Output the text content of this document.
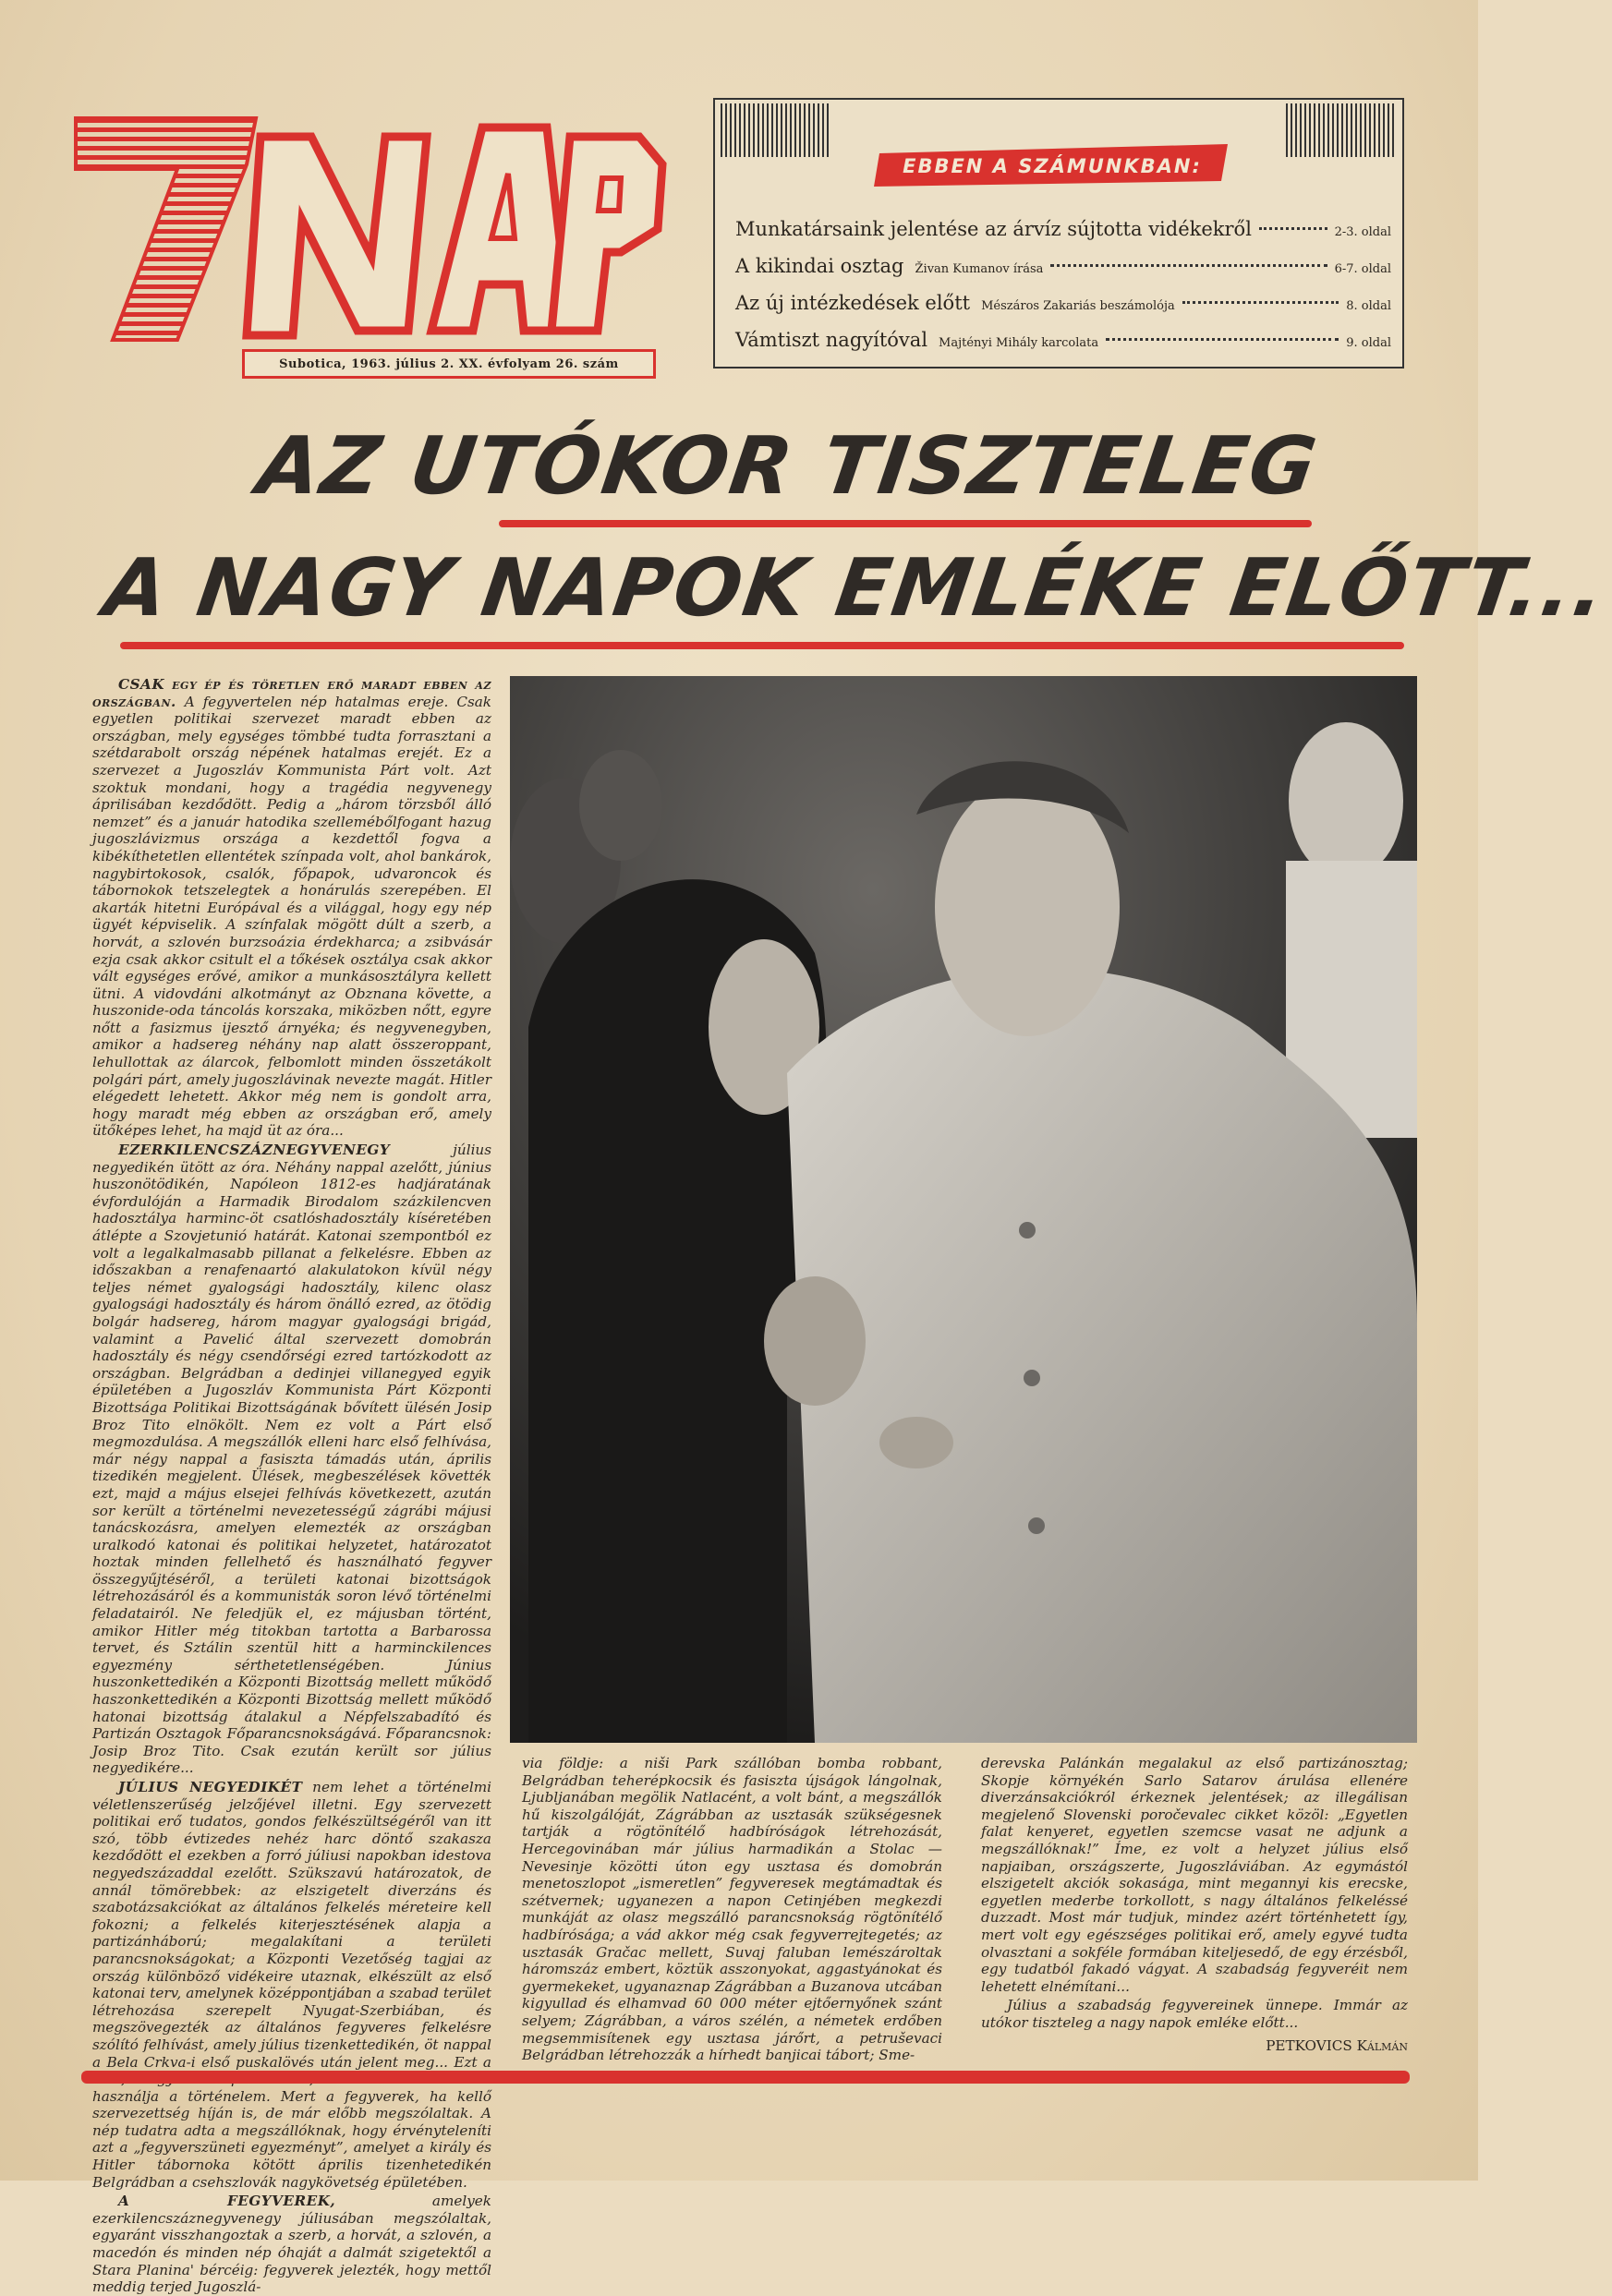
Subotica, 1963. július 2. XX. évfolyam 26. szám
EBBEN A SZÁMUNKBAN:
Munkatársaink jelentése az árvíz sújtotta vidékekről	2-3. oldal
A kikindai osztag Živan Kumanov írása	6-7. oldal
Az új intézkedések előtt Mészáros Zakariás beszámolója	8. oldal
Vámtiszt nagyítóval Majtényi Mihály karcolata	9. oldal
AZ UTÓKOR TISZTELEG
A NAGY NAPOK EMLÉKE ELŐTT...

CSAK egy ép és töretlen erő maradt ebben az országban. A fegyvertelen nép hatalmas ereje. Csak egyetlen politikai szervezet maradt ebben az országban, mely egységes tömbbé tudta forrasztani a szétdarabolt ország népének hatalmas erejét. Ez a szervezet a Jugoszláv Kommunista Párt volt. Azt szoktuk mondani, hogy a tragédia negyvenegy áprilisában kezdődött. Pedig a „három törzsből álló nemzet” és a január hatodika szellemébőlfogant hazug jugoszlávizmus országa a kezdettől fogva a kibékíthetetlen ellentétek színpada volt, ahol bankárok, nagybirtokosok, csalók, főpapok, udvaroncok és tábornokok tetszelegtek a honárulás szerepében. El akarták hitetni Európával és a világgal, hogy egy nép ügyét képviselik. A színfalak mögött dúlt a szerb, a horvát, a szlovén burzsoázia érdekharca; a zsibvásár ezja csak akkor csitult el a tőkések osztálya csak akkor vált egységes erővé, amikor a munkásosztályra kellett ütni. A vidovdáni alkotmányt az Obznana követte, a huszonide-oda táncolás korszaka, miközben nőtt, egyre nőtt a fasizmus ijesztő árnyéka; és negyvenegyben, amikor a hadsereg néhány nap alatt összeroppant, lehullottak az álarcok, felbomlott minden összetákolt polgári párt, amely jugoszlávinak nevezte magát. Hitler elégedett lehetett. Akkor még nem is gondolt arra, hogy maradt még ebben az országban erő, amely ütőképes lehet, ha majd üt az óra...

EZERKILENCSZÁZNEGYVENEGY július negyedikén ütött az óra. Néhány nappal azelőtt, június huszonötödikén, Napóleon 1812-es hadjáratának évfordulóján a Harmadik Birodalom százkilencven hadosztálya harminc-öt csatlóshadosztály kíséretében átlépte a Szovjetunió határát. Katonai szempontból ez volt a legalkalmasabb pillanat a felkelésre. Ebben az időszakban a renafenaartó alakulatokon kívül négy teljes német gyalogsági hadosztály, kilenc olasz gyalogsági hadosztály és három önálló ezred, az ötödig bolgár hadsereg, három magyar gyalogsági brigád, valamint a Pavelić által szervezett domobrán hadosztály és négy csendőrségi ezred tartózkodott az országban. Belgrádban a dedinjei villanegyed egyik épületében a Jugoszláv Kommunista Párt Központi Bizottsága Politikai Bizottságának bővített ülésén Josip Broz Tito elnökölt. Nem ez volt a Párt első megmozdulása. A megszállók elleni harc első felhívása, már négy nappal a fasiszta támadás után, április tizedikén megjelent. Ülések, megbeszélések követték ezt, majd a május elsejei felhívás következett, azután sor került a történelmi nevezetességű zágrábi májusi tanácskozásra, amelyen elemezték az országban uralkodó katonai és politikai helyzetet, határozatot hoztak minden fellelhető és használható fegyver összegyűjtéséről, a területi katonai bizottságok létrehozásáról és a kommunisták soron lévő történelmi feladatairól. Ne feledjük el, ez májusban történt, amikor Hitler még titokban tartotta a Barbarossa tervet, és Sztálin szentül hitt a harminckilences egyezmény sérthetetlenségében. Június huszonkettedikén a Központi Bizottság mellett működő haszonkettedikén a Központi Bizottság mellett működő hatonai bizottság átalakul a Népfelszabadító és Partizán Osztagok Főparancsnokságává. Főparancsnok: Josip Broz Tito. Csak ezután került sor július negyedikére...

JÚLIUS NEGYEDIKÉT nem lehet a történelmi véletlenszerűség jelzőjével illetni. Egy szervezett politikai erő tudatos, gondos felkészültségéről van itt szó, több évtizedes nehéz harc döntő szakasza kezdődött el ezekben a forró júliusi napokban idestova negyedszázaddal ezelőtt. Szükszavú határozatok, de annál tömörebbek: az elszigetelt diverzáns és szabotázsakciókat az általános felkelés méreteire kell fokozni; a felkelés kiterjesztésének alapja a partizánháború; megalakítani a területi parancsnokságokat; a Központi Vezetőség tagjai az ország különböző vidékeire utaznak, elkészült az első katonai terv, amelynek középpontjában a szabad terület létrehozása szerepelt Nyugat-Szerbiában, és megszövegezték az általános fegyveres felkelésre szólító felhívást, amely július tizenkettedikén, öt nappal a Bela Crkva-i első puskalövés után jelent meg... Ezt a használja a történelem. Mert a fegyverek, ha kellő szervezettség híján is, de már előbb megszólaltak. A nép tudatra adta a megszállóknak, hogy érvényteleníti azt a „fegyverszüneti egyezményt”, amelyet a király és Hitler tábornoka kötött április tizenhetedikén Belgrádban a csehszlovák nagykövetség épületében.

A FEGYVEREK, amelyek ezerkilencszáznegyvenegy júliusában megszólaltak, egyaránt visszhangoztak a szerb, a horvát, a szlovén, a macedón és minden nép óhaját a dalmát szigetektől a Stara Planina' bércéig: fegyverek jelezték, hogy mettől meddig terjed Jugoszlá-

via földje: a niši Park szállóban bomba robbant, Belgrádban teherépkocsik és fasiszta újságok lángolnak, Ljubljanában megölik Natlacént, a volt bánt, a megszállók hű kiszolgálóját, Zágrábban az usztasák szükségesnek tartják a rögtönítélő hadbíróságok létrehozását, Hercegovinában már július harmadikán a Stolac — Nevesinje közötti úton egy usztasa és domobrán menetoszlopot „ismeretlen” fegyveresek megtámadtak és szétvernek; ugyanezen a napon Cetinjében megkezdi munkáját az olasz megszálló parancsnokság rögtönítélő hadbírósága; a vád akkor még csak fegyverrejtegetés; az usztasák Gračac mellett, Suvaj faluban lemészároltak háromszáz embert, köztük asszonyokat, aggastyánokat és gyermekeket, ugyanaznap Zágrábban a Buzanova utcában kigyullad és elhamvad 60 000 méter ejtőernyőnek szánt selyem; Zágrábban, a város szélén, a németek erdőben megsemmisítenek egy usztasa járőrt, a petruševaci Belgrádban létrehozzák a hírhedt banjicai tábort; Sme-

derevska Palánkán megalakul az első partizánosztag; Skopje környékén Sarlo Satarov árulása ellenére diverzánsakciókról érkeznek jelentések; az illegálisan megjelenő Slovenski poročevalec cikket közöl: „Egyetlen falat kenyeret, egyetlen szemcse vasat ne adjunk a megszállóknak!” Íme, ez volt a helyzet július első napjaiban, országszerte, Jugoszláviában. Az egymástól elszigetelt akciók sokasága, mint megannyi kis erecske, egyetlen mederbe torkollott, s nagy általános felkeléssé duzzadt. Most már tudjuk, mindez azért történhetett így, mert volt egy egészséges politikai erő, amely egyvé tudta olvasztani a sokféle formában kiteljesedő, de egy érzésből, egy tudatból fakadó vágyat. A szabadság fegyveréit nem lehetett elnémítani...

Július a szabadság fegyvereinek ünnepe. Immár az utókor tiszteleg a nagy napok emléke előtt...

PETKOVICS Kálmán
